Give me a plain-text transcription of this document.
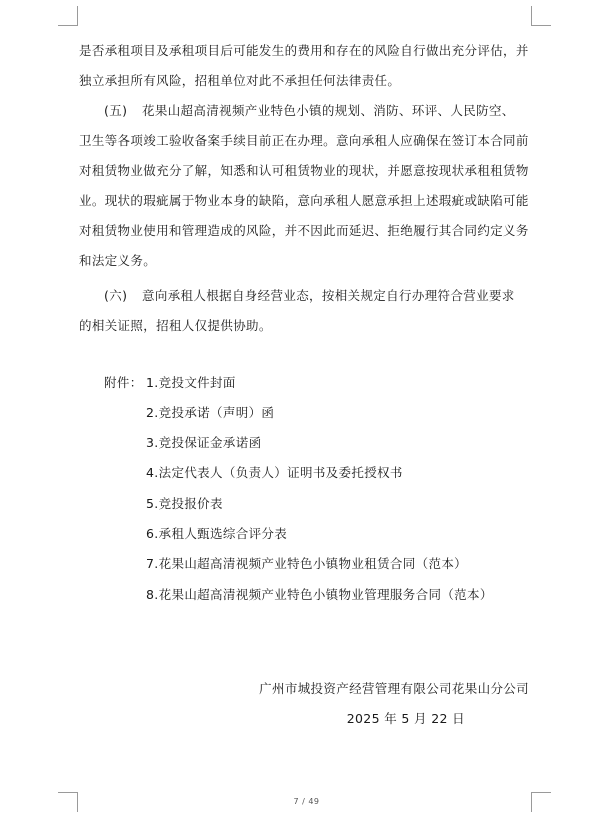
是否承租项目及承租项目后可能发生的费用和存在的风险自行做出充分评估，并
独立承担所有风险，招租单位对此不承担任何法律责任。
(五) 花果山超高清视频产业特色小镇的规划、消防、环评、人民防空、
卫生等各项竣工验收备案手续目前正在办理。意向承租人应确保在签订本合同前
对租赁物业做充分了解，知悉和认可租赁物业的现状，并愿意按现状承租租赁物
业。现状的瑕疵属于物业本身的缺陷，意向承租人愿意承担上述瑕疵或缺陷可能
对租赁物业使用和管理造成的风险，并不因此而延迟、拒绝履行其合同约定义务
和法定义务。
(六) 意向承租人根据自身经营业态，按相关规定自行办理符合营业要求
的相关证照，招租人仅提供协助。
附件： 1.竞投文件封面
2.竞投承诺（声明）函
3.竞投保证金承诺函
4.法定代表人（负责人）证明书及委托授权书
5.竞投报价表
6.承租人甄选综合评分表
7.花果山超高清视频产业特色小镇物业租赁合同（范本）
8.花果山超高清视频产业特色小镇物业管理服务合同（范本）
广州市城投资产经营管理有限公司花果山分公司
2025 年 5 月 22 日
7 / 49
